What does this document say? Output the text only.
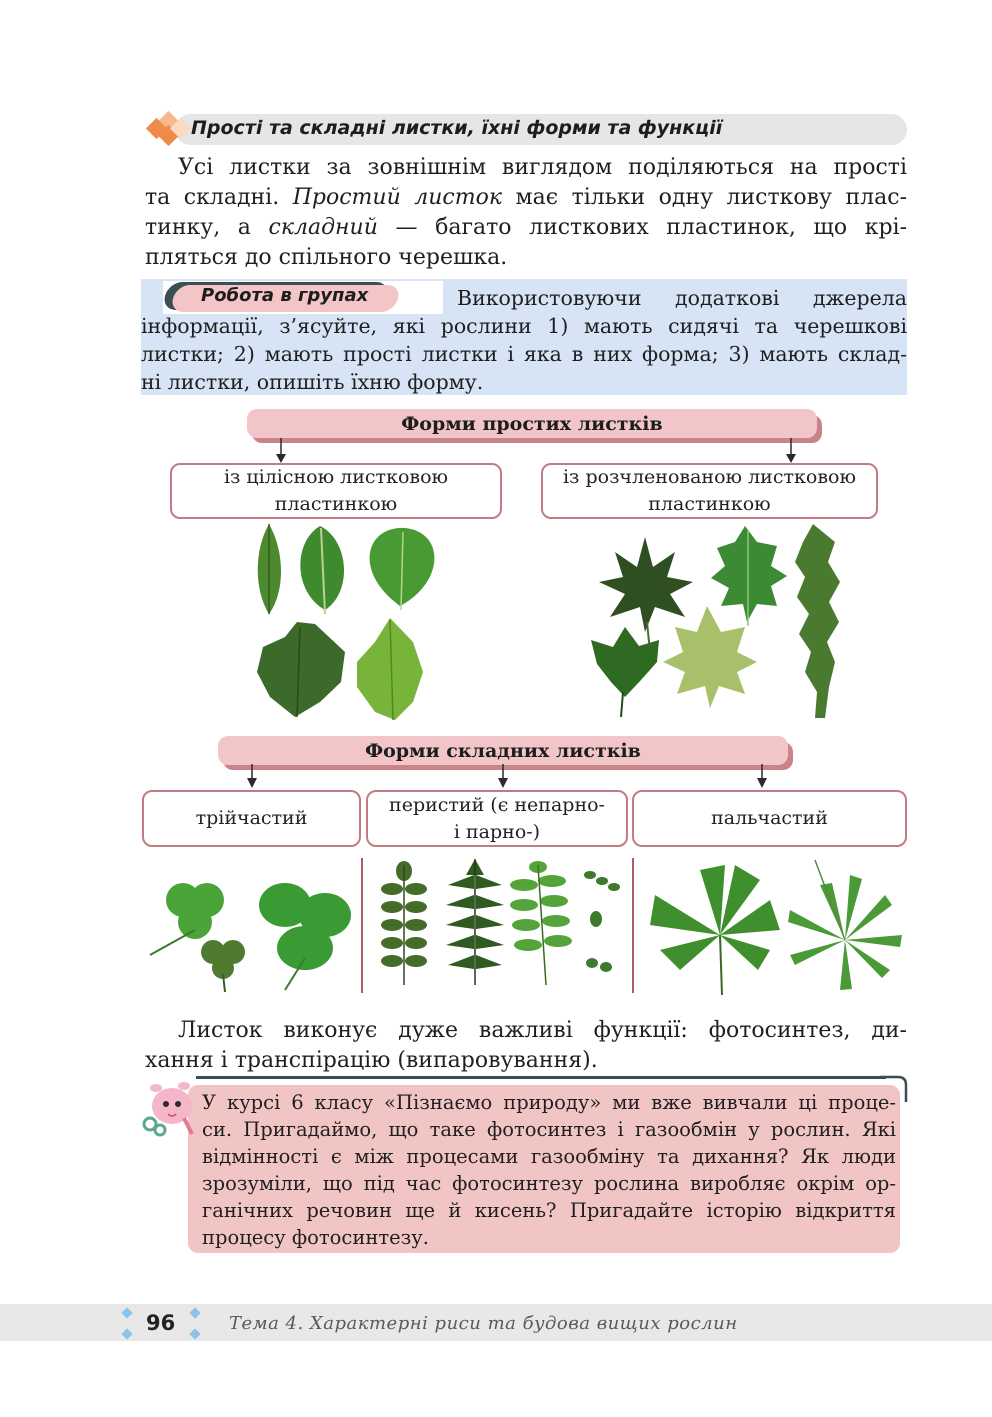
Прості та складні листки, їхні форми та функції
Усі листки за зовнішнім виглядом поділяються на прості
та складні. Простий листок має тільки одну листкову плас-
тинку, а складний — багато листкових пластинок, що крі-
пляться до спільного черешка.
Робота в групах	Використовуючи додаткові джерела
інформації, з’ясуйте, які рослини 1) мають сидячі та черешкові
листки; 2) мають прості листки і яка в них форма; 3) мають склад-
ні листки, опишіть їхню форму.
Форми простих листків
із цілісною листковою
пластинкою
із розчленованою листковою
пластинкою
Форми складних листків
трійчастий
перистий (є непарно-
і парно-)
пальчастий
Листок виконує дуже важливі функції: фотосинтез, ди-
хання і транспірацію (випаровування).
У курсі 6 класу «Пізнаємо природу» ми вже вивчали ці проце-
си. Пригадаймо, що таке фотосинтез і газообмін у рослин. Які
відмінності є між процесами газообміну та дихання? Як люди
зрозуміли, що під час фотосинтезу рослина виробляє окрім ор-
ганічних речовин ще й кисень? Пригадайте історію відкриття
процесу фотосинтезу.
96	Тема 4. Характерні риси та будова вищих рослин
